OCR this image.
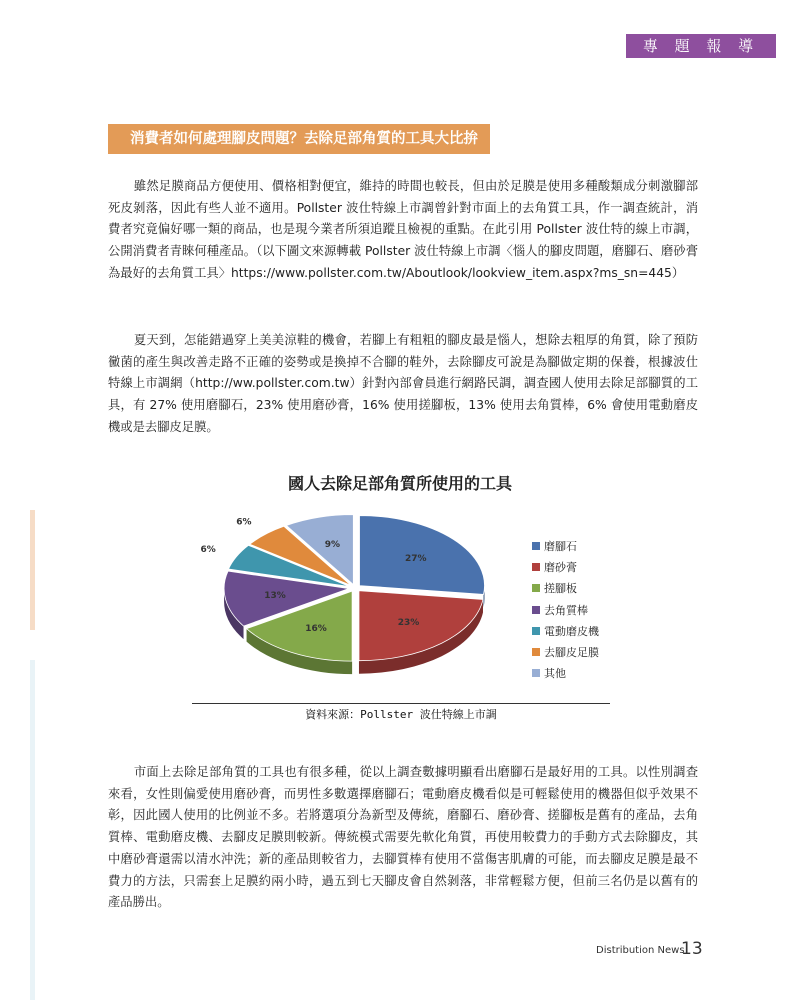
專 題 報 導
消費者如何處理腳皮問題？去除足部角質的工具大比拚

雖然足膜商品方便使用、價格相對便宜，維持的時間也較長，但由於足膜是使用多種酸類成分刺激腳部死皮剝落，因此有些人並不適用。Pollster 波仕特線上市調曾針對市面上的去角質工具，作一調查統計，消費者究竟偏好哪一類的商品，也是現今業者所須追蹤且檢視的重點。在此引用 Pollster 波仕特的線上市調，公開消費者青睞何種產品。（以下圖文來源轉載 Pollster 波仕特線上市調〈惱人的腳皮問題，磨腳石、磨砂膏為最好的去角質工具〉https://www.pollster.com.tw/Aboutlook/lookview_item.aspx?ms_sn=445）

夏天到，怎能錯過穿上美美涼鞋的機會，若腳上有粗粗的腳皮最是惱人，想除去粗厚的角質，除了預防黴菌的產生與改善走路不正確的姿勢或是換掉不合腳的鞋外，去除腳皮可說是為腳做定期的保養，根據波仕特線上市調網（http://ww.pollster.com.tw）針對內部會員進行網路民調，調查國人使用去除足部腳質的工具，有 27% 使用磨腳石，23% 使用磨砂膏，16% 使用搓腳板，13% 使用去角質棒，6% 會使用電動磨皮機或是去腳皮足膜。

國人去除足部角質所使用的工具
27%
23%
16%
13%
6%
6%
9%	磨腳石
磨砂膏
搓腳板
去角質棒
電動磨皮機
去腳皮足膜
其他
資料來源：Pollster 波仕特線上市調

市面上去除足部角質的工具也有很多種，從以上調查數據明顯看出磨腳石是最好用的工具。以性別調查來看，女性則偏愛使用磨砂膏，而男性多數選擇磨腳石；電動磨皮機看似是可輕鬆使用的機器但似乎效果不彰，因此國人使用的比例並不多。若將選項分為新型及傳統，磨腳石、磨砂膏、搓腳板是舊有的產品，去角質棒、電動磨皮機、去腳皮足膜則較新。傳統模式需要先軟化角質，再使用較費力的手動方式去除腳皮，其中磨砂膏還需以清水沖洗；新的產品則較省力，去腳質棒有使用不當傷害肌膚的可能，而去腳皮足膜是最不費力的方法，只需套上足膜約兩小時，過五到七天腳皮會自然剝落，非常輕鬆方便，但前三名仍是以舊有的產品勝出。

Distribution News
13
